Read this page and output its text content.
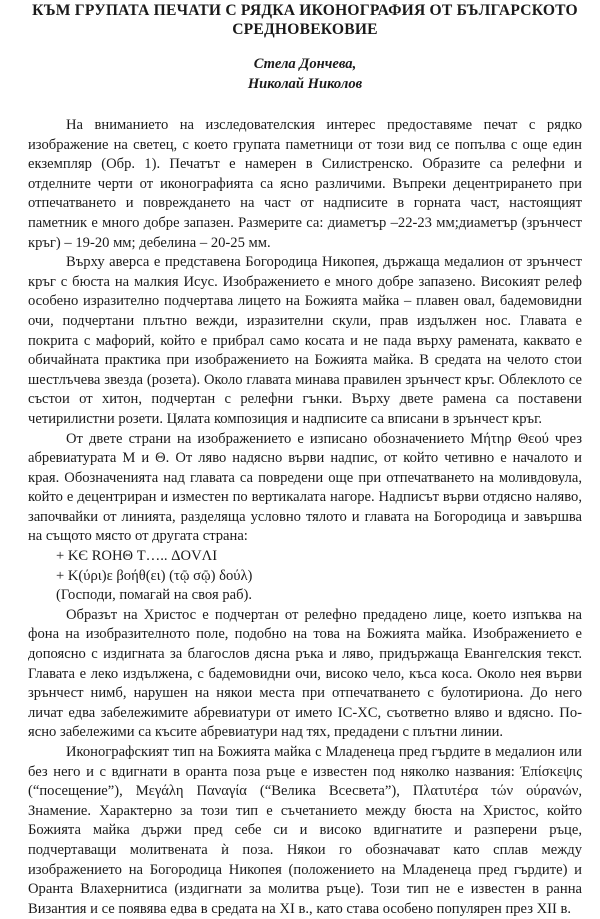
КЪМ ГРУПАТА ПЕЧАТИ С РЯДКА ИКОНОГРАФИЯ ОТ БЪЛГАРСКОТО СРЕДНОВЕКОВИЕ
Стела Дончева,
Николай Николов

На вниманието на изследователския интерес предоставяме печат с рядко изображение на светец, с което групата паметници от този вид се попълва с още един екземпляр (Обр. 1). Печатът е намерен в Силистренско. Образите са релефни и отделните черти от иконографията са ясно различими. Въпреки децентрирането при отпечатването и повреждането на част от надписите в горната част, настоящият паметник е много добре запазен. Размерите са: диаметър –22-23 мм;диаметър (зрънчест кръг) – 19-20 мм; дебелина – 20-25 мм.

Върху аверса е представена Богородица Никопея, държаща медалион от зрънчест кръг с бюста на малкия Исус. Изображението е много добре запазено. Високият релеф особено изразително подчертава лицето на Божията майка – плавен овал, бадемовидни очи, подчертани плътно вежди, изразителни скули, прав издължен нос. Главата е покрита с мафорий, който е прибрал само косата и не пада върху рамената, каквато е обичайната практика при изображението на Божията майка. В средата на челото стои шестлъчева звезда (розета). Около главата минава правилен зрънчест кръг. Облеклото се състои от хитон, подчертан с релефни гънки. Върху двете рамена са поставени четирилистни розети. Цялата композиция и надписите са вписани в зрънчест кръг.

От двете страни на изображението е изписано обозначението Μήτηρ Θεού чрез абревиатурата М и Θ. От ляво надясно върви надпис, от който четивно е началото и края. Обозначенията над главата са повредени още при отпечатването на моливдовула, който е децентриран и изместен по вертикалата нагоре. Надписът върви отдясно наляво, започвайки от линията, разделяща условно тялото и главата на Богородица и завършва на същото място от другата страна:

+ KЄ ROНΘ T….. ΔOVΛI

+ K(ύρι)ε βοήθ(ει) (τῷ σῷ) δούλ)

(Господи, помагай на своя раб).

Образът на Христос е подчертан от релефно предадено лице, което изпъква на фона на изобразителното поле, подобно на това на Божията майка. Изображението е допоясно с издигната за благослов дясна ръка и ляво, придържаща Евангелския текст. Главата е леко издължена, с бадемовидни очи, високо чело, къса коса. Около нея върви зрънчест нимб, нарушен на някои места при отпечатването с булотириона. До него личат едва забележимите абревиатури от името IC-XC, съответно вляво и вдясно. По-ясно забележими са късите абревиатури над тях, предадени с плътни линии.

Иконографският тип на Божията майка с Младенеца пред гърдите в медалион или без него и с вдигнати в оранта поза ръце е известен под няколко названия: Έπίσκεψις (“посещение”), Μεγάλη Παναγία (“Велика Всесвета”), Πλατυτέρα τών ούρανών, Знамение. Характерно за този тип е съчетанието между бюста на Христос, който Божията майка държи пред себе си и високо вдигнатите и разперени ръце, подчертаващи молитвената ѝ поза. Някои го обозначават като сплав между изображението на Богородица Никопея (положението на Младенеца пред гърдите) и Оранта Влахернитиса (издигнати за молитва ръце). Този тип не е известен в ранна Византия и се появява едва в средата на XI в., като става особено популярен през XII в.
